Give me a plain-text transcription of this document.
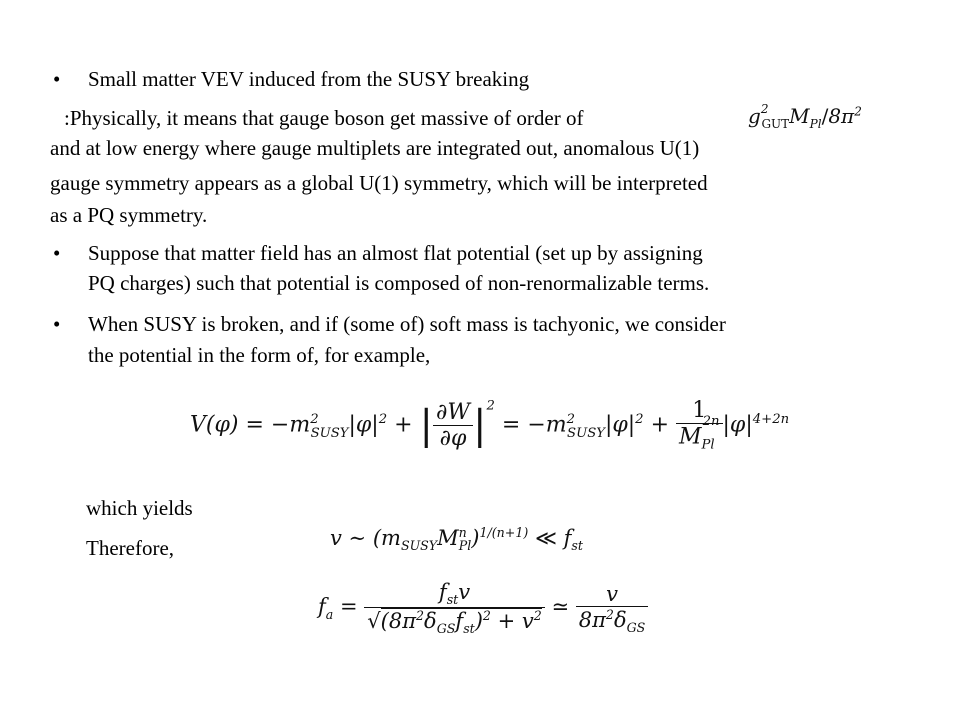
• Small matter VEV induced from the SUSY breaking
:Physically, it means that gauge boson get massive of order of
and at low energy where gauge multiplets are integrated out, anomalous U(1)
gauge symmetry appears as a global U(1) symmetry, which will be interpreted
as a PQ symmetry.
$g^2_{GUT}M_{Pl}/8\pi^2$
• Suppose that matter field has an almost flat potential (set up by assigning
PQ charges) such that potential is composed of non-renormalizable terms.
• When SUSY is broken, and if (some of) soft mass is tachyonic, we consider
the potential in the form of, for example,
$V(\varphi) = -m^2_{SUSY}|\varphi|^2$ + | $\frac{\partial W}{\partial\varphi} |^2 = -m^2_{SUSY}|\varphi|^2 + \frac{1}{M_{Pl}^{2n}} |\varphi|^{4+2n}$
which yields
v ∼ $(m_{SUSY}M^n_{Pl})^{1/(n+1)}$ ≪ $f_{st}$
Therefore,
$f_a = \frac{f_{st}v}{√(8\pi^2\delta_{GS}f_{st})^2 + v^2}$ ≃ $\frac{v}{8\pi^2\delta_{GS}}$
